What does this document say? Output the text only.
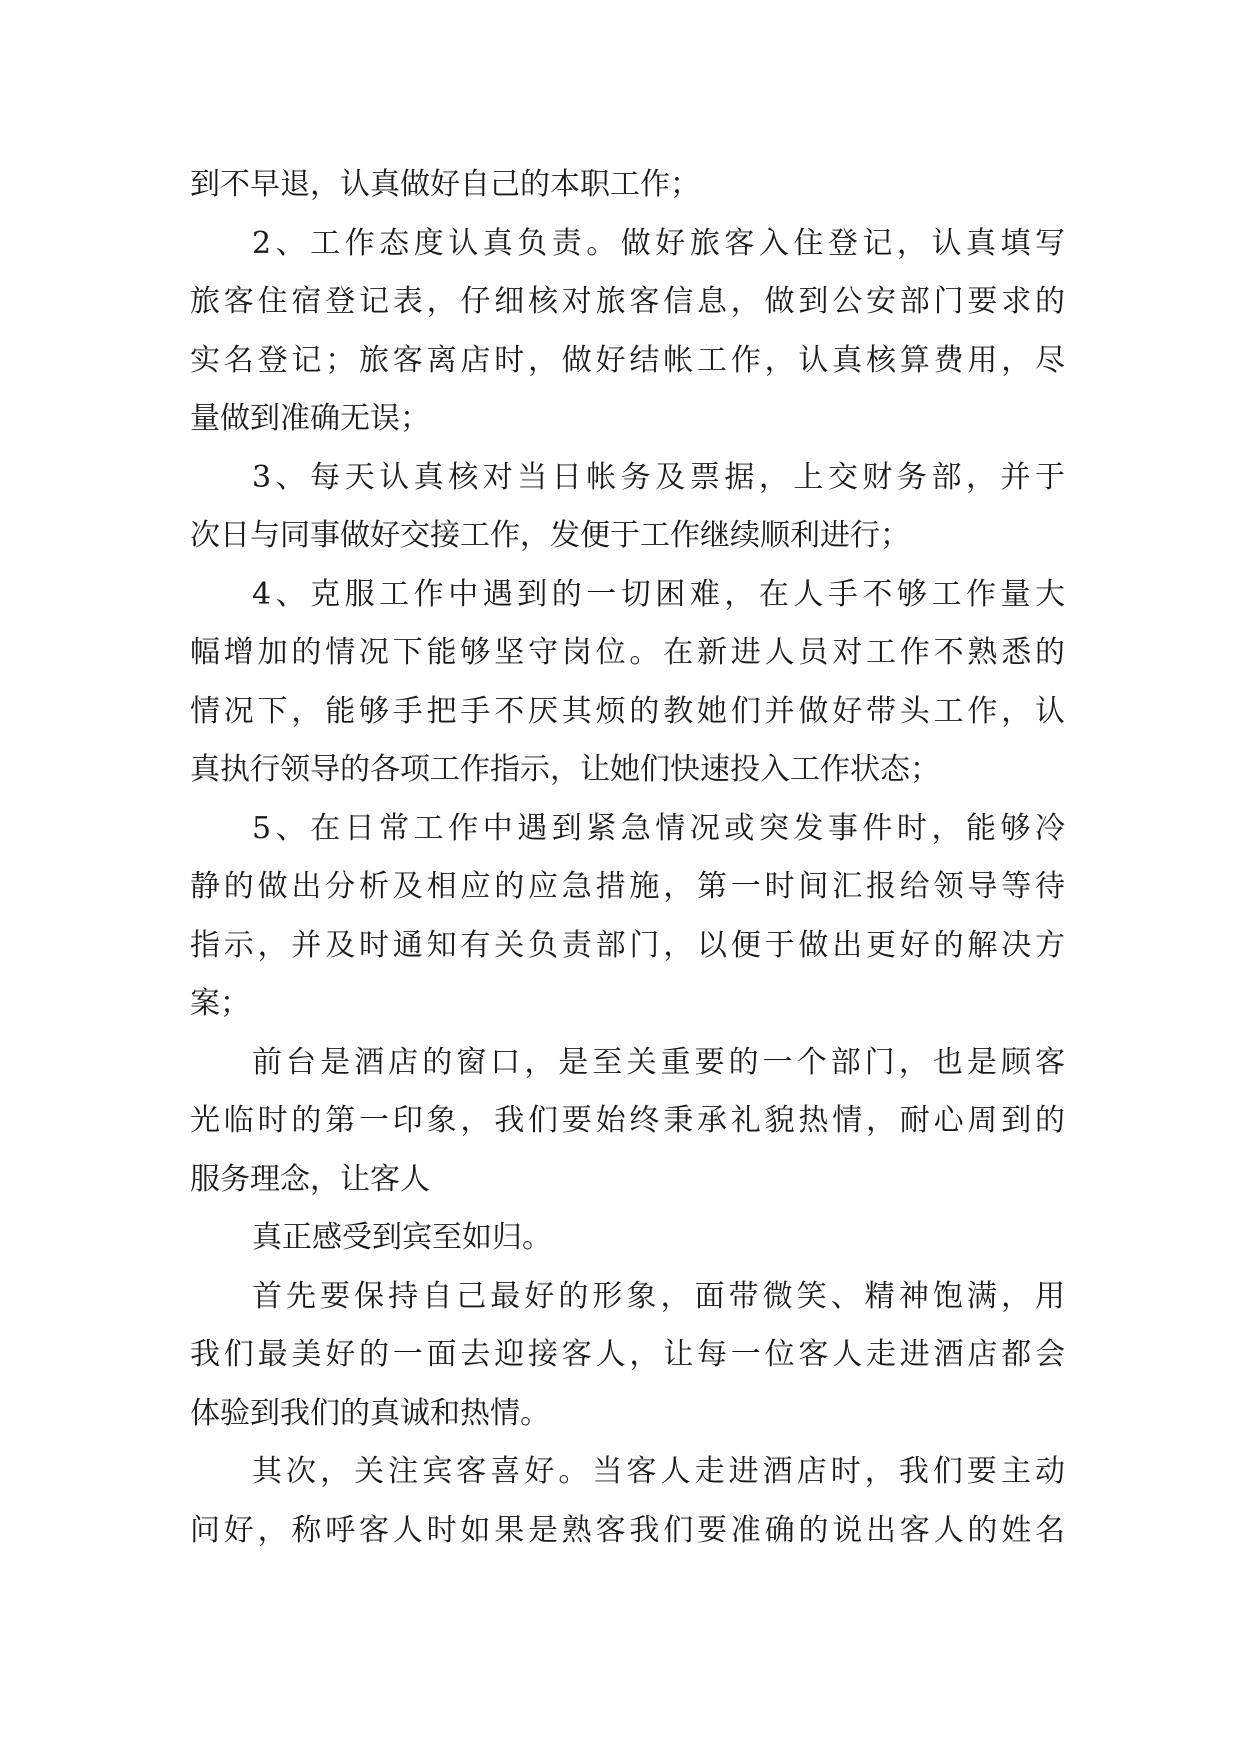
到不早退，认真做好自己的本职工作；
2、工作态度认真负责。做好旅客入住登记，认真填写
旅客住宿登记表，仔细核对旅客信息，做到公安部门要求的
实名登记；旅客离店时，做好结帐工作，认真核算费用，尽
量做到准确无误；
3、每天认真核对当日帐务及票据，上交财务部，并于
次日与同事做好交接工作，发便于工作继续顺利进行；
4、克服工作中遇到的一切困难，在人手不够工作量大
幅增加的情况下能够坚守岗位。在新进人员对工作不熟悉的
情况下，能够手把手不厌其烦的教她们并做好带头工作，认
真执行领导的各项工作指示，让她们快速投入工作状态；
5、在日常工作中遇到紧急情况或突发事件时，能够冷
静的做出分析及相应的应急措施，第一时间汇报给领导等待
指示，并及时通知有关负责部门，以便于做出更好的解决方
案；
前台是酒店的窗口，是至关重要的一个部门，也是顾客
光临时的第一印象，我们要始终秉承礼貌热情，耐心周到的
服务理念，让客人
真正感受到宾至如归。
首先要保持自己最好的形象，面带微笑、精神饱满，用
我们最美好的一面去迎接客人，让每一位客人走进酒店都会
体验到我们的真诚和热情。
其次，关注宾客喜好。当客人走进酒店时，我们要主动
问好，称呼客人时如果是熟客我们要准确的说出客人的姓名
